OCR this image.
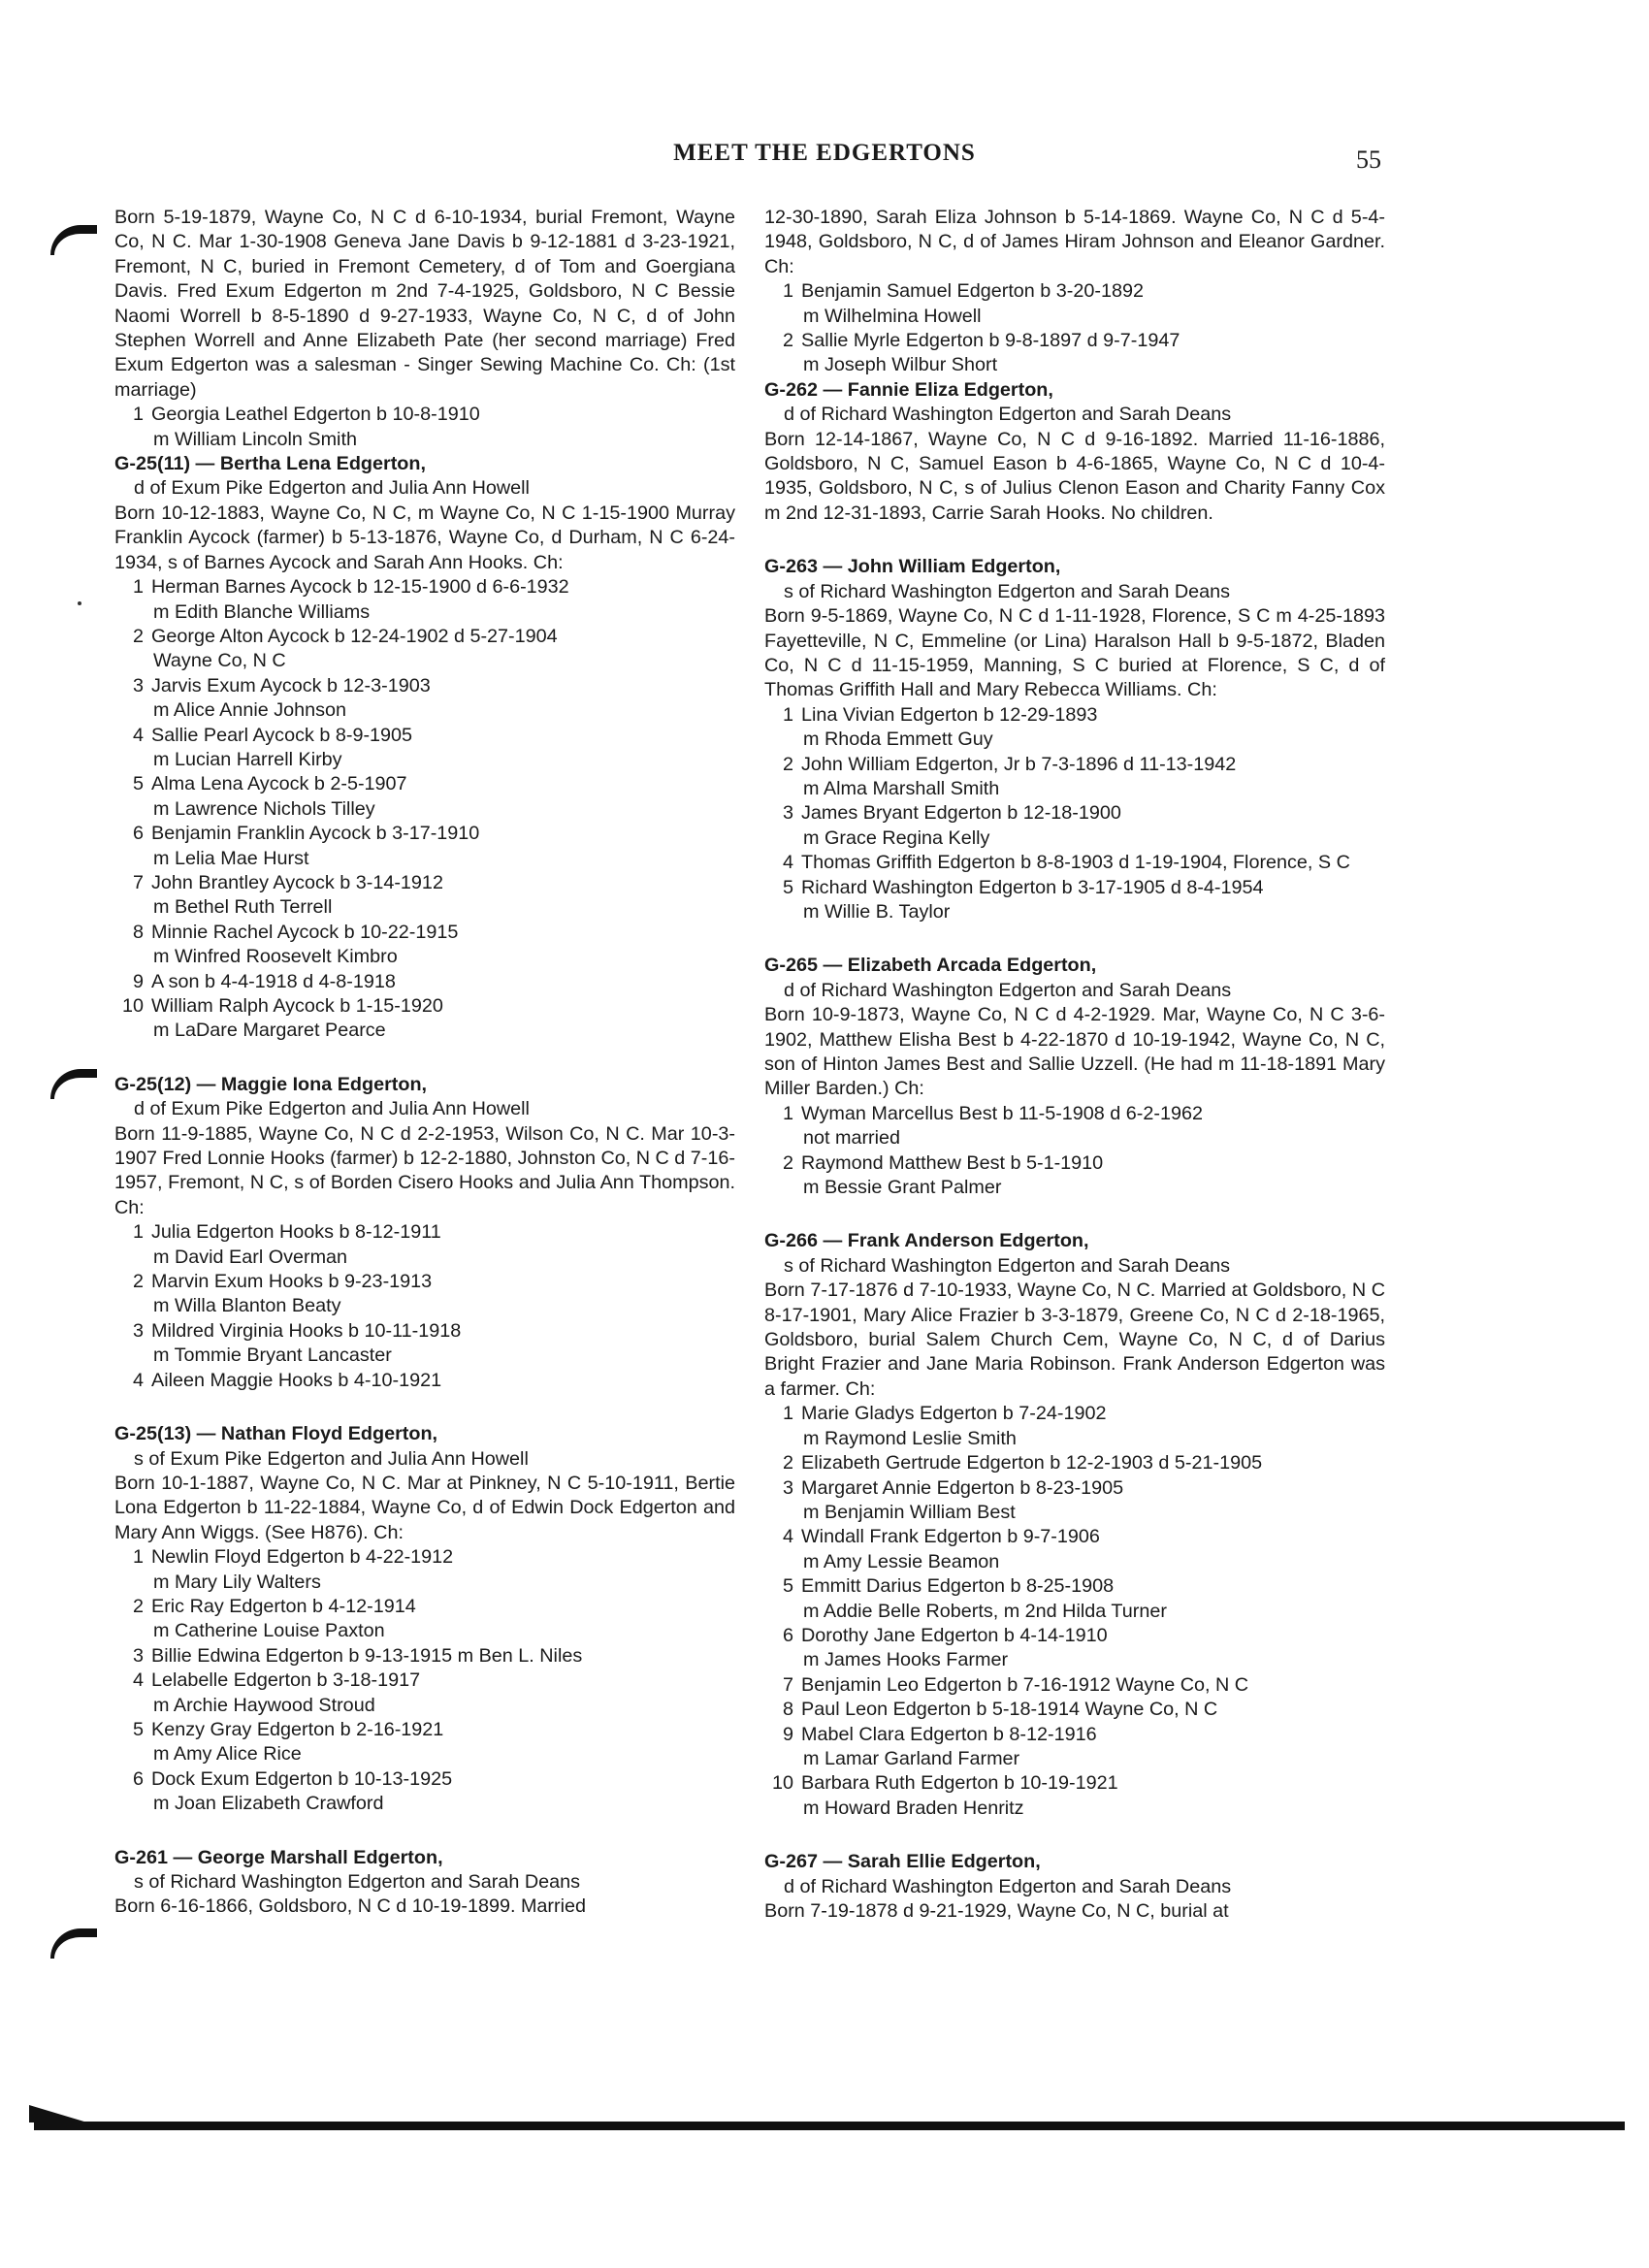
MEET THE EDGERTONS	55
Born 5-19-1879, Wayne Co, N C d 6-10-1934, burial Fremont, Wayne Co, N C. Mar 1-30-1908 Geneva Jane Davis b 9-12-1881 d 3-23-1921, Fremont, N C, buried in Fremont Cemetery, d of Tom and Goergiana Davis. Fred Exum Edgerton m 2nd 7-4-1925, Goldsboro, N C Bessie Naomi Worrell b 8-5-1890 d 9-27-1933, Wayne Co, N C, d of John Stephen Worrell and Anne Elizabeth Pate (her second marriage) Fred Exum Edgerton was a salesman - Singer Sewing Machine Co. Ch: (1st marriage)
1 Georgia Leathel Edgerton b 10-8-1910
m William Lincoln Smith
G-25(11) — Bertha Lena Edgerton,
d of Exum Pike Edgerton and Julia Ann Howell
Born 10-12-1883, Wayne Co, N C, m Wayne Co, N C 1-15-1900 Murray Franklin Aycock (farmer) b 5-13-1876, Wayne Co, d Durham, N C 6-24-1934, s of Barnes Aycock and Sarah Ann Hooks. Ch:
1 Herman Barnes Aycock b 12-15-1900 d 6-6-1932
m Edith Blanche Williams
2 George Alton Aycock b 12-24-1902 d 5-27-1904
Wayne Co, N C
3 Jarvis Exum Aycock b 12-3-1903
m Alice Annie Johnson
4 Sallie Pearl Aycock b 8-9-1905
m Lucian Harrell Kirby
5 Alma Lena Aycock b 2-5-1907
m Lawrence Nichols Tilley
6 Benjamin Franklin Aycock b 3-17-1910
m Lelia Mae Hurst
7 John Brantley Aycock b 3-14-1912
m Bethel Ruth Terrell
8 Minnie Rachel Aycock b 10-22-1915
m Winfred Roosevelt Kimbro
9 A son b 4-4-1918 d 4-8-1918
10 William Ralph Aycock b 1-15-1920
m LaDare Margaret Pearce
G-25(12) — Maggie Iona Edgerton,
d of Exum Pike Edgerton and Julia Ann Howell
Born 11-9-1885, Wayne Co, N C d 2-2-1953, Wilson Co, N C. Mar 10-3-1907 Fred Lonnie Hooks (farmer) b 12-2-1880, Johnston Co, N C d 7-16-1957, Fremont, N C, s of Borden Cisero Hooks and Julia Ann Thompson. Ch:
1 Julia Edgerton Hooks b 8-12-1911
m David Earl Overman
2 Marvin Exum Hooks b 9-23-1913
m Willa Blanton Beaty
3 Mildred Virginia Hooks b 10-11-1918
m Tommie Bryant Lancaster
4 Aileen Maggie Hooks b 4-10-1921
G-25(13) — Nathan Floyd Edgerton,
s of Exum Pike Edgerton and Julia Ann Howell
Born 10-1-1887, Wayne Co, N C. Mar at Pinkney, N C 5-10-1911, Bertie Lona Edgerton b 11-22-1884, Wayne Co, d of Edwin Dock Edgerton and Mary Ann Wiggs. (See H876). Ch:
1 Newlin Floyd Edgerton b 4-22-1912
m Mary Lily Walters
2 Eric Ray Edgerton b 4-12-1914
m Catherine Louise Paxton
3 Billie Edwina Edgerton b 9-13-1915 m Ben L. Niles
4 Lelabelle Edgerton b 3-18-1917
m Archie Haywood Stroud
5 Kenzy Gray Edgerton b 2-16-1921
m Amy Alice Rice
6 Dock Exum Edgerton b 10-13-1925
m Joan Elizabeth Crawford
G-261 — George Marshall Edgerton,
s of Richard Washington Edgerton and Sarah Deans
Born 6-16-1866, Goldsboro, N C d 10-19-1899. Married
12-30-1890, Sarah Eliza Johnson b 5-14-1869. Wayne Co, N C d 5-4-1948, Goldsboro, N C, d of James Hiram Johnson and Eleanor Gardner. Ch:
1 Benjamin Samuel Edgerton b 3-20-1892
m Wilhelmina Howell
2 Sallie Myrle Edgerton b 9-8-1897 d 9-7-1947
m Joseph Wilbur Short
G-262 — Fannie Eliza Edgerton,
d of Richard Washington Edgerton and Sarah Deans
Born 12-14-1867, Wayne Co, N C d 9-16-1892. Married 11-16-1886, Goldsboro, N C, Samuel Eason b 4-6-1865, Wayne Co, N C d 10-4-1935, Goldsboro, N C, s of Julius Clenon Eason and Charity Fanny Cox m 2nd 12-31-1893, Carrie Sarah Hooks. No children.
G-263 — John William Edgerton,
s of Richard Washington Edgerton and Sarah Deans
Born 9-5-1869, Wayne Co, N C d 1-11-1928, Florence, S C m 4-25-1893 Fayetteville, N C, Emmeline (or Lina) Haralson Hall b 9-5-1872, Bladen Co, N C d 11-15-1959, Manning, S C buried at Florence, S C, d of Thomas Griffith Hall and Mary Rebecca Williams. Ch:
1 Lina Vivian Edgerton b 12-29-1893
m Rhoda Emmett Guy
2 John William Edgerton, Jr b 7-3-1896 d 11-13-1942
m Alma Marshall Smith
3 James Bryant Edgerton b 12-18-1900
m Grace Regina Kelly
4 Thomas Griffith Edgerton b 8-8-1903 d 1-19-1904, Florence, S C
5 Richard Washington Edgerton b 3-17-1905 d 8-4-1954
m Willie B. Taylor
G-265 — Elizabeth Arcada Edgerton,
d of Richard Washington Edgerton and Sarah Deans
Born 10-9-1873, Wayne Co, N C d 4-2-1929. Mar, Wayne Co, N C 3-6-1902, Matthew Elisha Best b 4-22-1870 d 10-19-1942, Wayne Co, N C, son of Hinton James Best and Sallie Uzzell. (He had m 11-18-1891 Mary Miller Barden.) Ch:
1 Wyman Marcellus Best b 11-5-1908 d 6-2-1962
not married
2 Raymond Matthew Best b 5-1-1910
m Bessie Grant Palmer
G-266 — Frank Anderson Edgerton,
s of Richard Washington Edgerton and Sarah Deans
Born 7-17-1876 d 7-10-1933, Wayne Co, N C. Married at Goldsboro, N C 8-17-1901, Mary Alice Frazier b 3-3-1879, Greene Co, N C d 2-18-1965, Goldsboro, burial Salem Church Cem, Wayne Co, N C, d of Darius Bright Frazier and Jane Maria Robinson. Frank Anderson Edgerton was a farmer. Ch:
1 Marie Gladys Edgerton b 7-24-1902
m Raymond Leslie Smith
2 Elizabeth Gertrude Edgerton b 12-2-1903 d 5-21-1905
3 Margaret Annie Edgerton b 8-23-1905
m Benjamin William Best
4 Windall Frank Edgerton b 9-7-1906
m Amy Lessie Beamon
5 Emmitt Darius Edgerton b 8-25-1908
m Addie Belle Roberts, m 2nd Hilda Turner
6 Dorothy Jane Edgerton b 4-14-1910
m James Hooks Farmer
7 Benjamin Leo Edgerton b 7-16-1912 Wayne Co, N C
8 Paul Leon Edgerton b 5-18-1914 Wayne Co, N C
9 Mabel Clara Edgerton b 8-12-1916
m Lamar Garland Farmer
10 Barbara Ruth Edgerton b 10-19-1921
m Howard Braden Henritz
G-267 — Sarah Ellie Edgerton,
d of Richard Washington Edgerton and Sarah Deans
Born 7-19-1878 d 9-21-1929, Wayne Co, N C, burial at
